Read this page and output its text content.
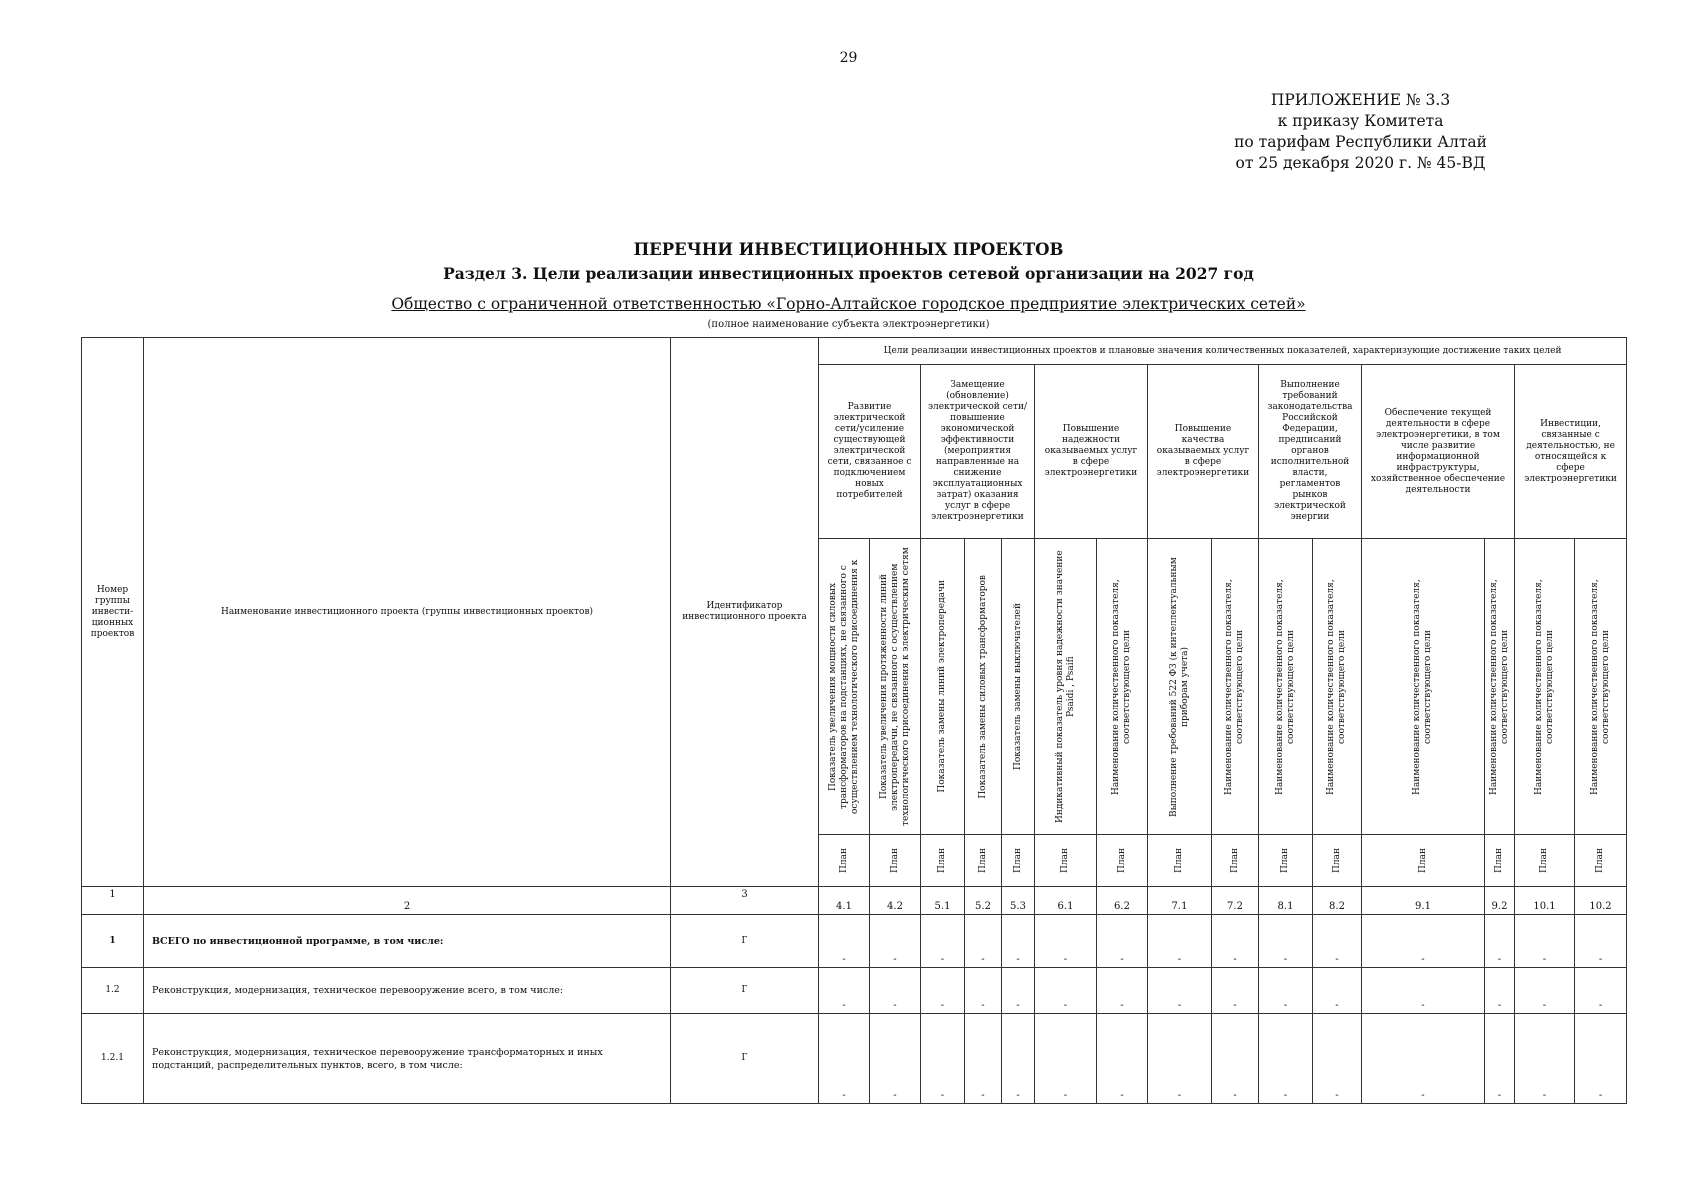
29
ПРИЛОЖЕНИЕ № 3.3
к приказу Комитета
по тарифам Республики Алтай
от 25 декабря 2020 г. № 45-ВД
ПЕРЕЧНИ ИНВЕСТИЦИОННЫХ ПРОЕКТОВ
Раздел 3. Цели реализации инвестиционных проектов сетевой организации на 2027 год
Общество с ограниченной ответственностью «Горно-Алтайское городское предприятие электрических сетей»
(полное наименование субъекта электроэнергетики)
Номер группы инвести-ционных проектов	Наименование инвестиционного проекта (группы инвестиционных проектов)	Идентификатор инвестиционного проекта	Цели реализации инвестиционных проектов и плановые значения количественных показателей, характеризующие достижение таких целей														
			Развитие электрической сети/усиление существующей электрической сети, связанное с подключением новых потребителей		Замещение (обновление) электрической сети/повышение экономической эффективности (мероприятия направленные на снижение эксплуатационных затрат) оказания услуг в сфере электроэнергетики			Повышение надежности оказываемых услуг в сфере электроэнергетики		Повышение качества оказываемых услуг в сфере электроэнергетики		Выполнение требований законодательства Российской Федерации, предписаний органов исполнительной власти, регламентов рынков электрической энергии		Обеспечение текущей деятельности в сфере электроэнергетики, в том числе развитие информационной инфраструктуры, хозяйственное обеспечение деятельности		Инвестиции, связанные с деятельностью, не относящейся к сфере электроэнергетики	

			Показатель увеличения мощности силовых трансформаторов на подстанциях, не связанного с осуществлением технологического присоединения к	Показатель увеличения протяженности линий электропередачи, не связанного с осуществлением технологического присоединения к электрическим сетям	Показатель замены линий электропередачи	Показатель замены силовых трансформаторов	Показатель замены выключателей	Индикативный показатель уровня надежности значение Psaidi , Psaifi	Наименование количественного показателя, соответствующего цели	Выполнение требований 522 ФЗ (к интеллектуальным приборам учета)	Наименование количественного показателя, соответствующего цели	Наименование количественного показателя, соответствующего цели	Наименование количественного показателя, соответствующего цели	Наименование количественного показателя, соответствующего цели	Наименование количественного показателя, соответствующего цели	Наименование количественного показателя, соответствующего цели	Наименование количественного показателя, соответствующего цели

			План	План	План	План	План	План	План	План	План	План	План	План	План	План	План

1	2	3	4.1	4.2	5.1	5.2	5.3	6.1	6.2	7.1	7.2	8.1	8.2	9.1	9.2	10.1	10.2
1	ВСЕГО по инвестиционной программе, в том числе:	Г	-	-	-	-	-	-	-	-	-	-	-	-	-	-	-
1.2	Реконструкция, модернизация, техническое перевооружение всего, в том числе:	Г	-	-	-	-	-	-	-	-	-	-	-	-	-	-	-
1.2.1	Реконструкция, модернизация, техническое перевооружение трансформаторных и иных подстанций, распределительных пунктов, всего, в том числе:	Г	-	-	-	-	-	-	-	-	-	-	-	-	-	-	-
